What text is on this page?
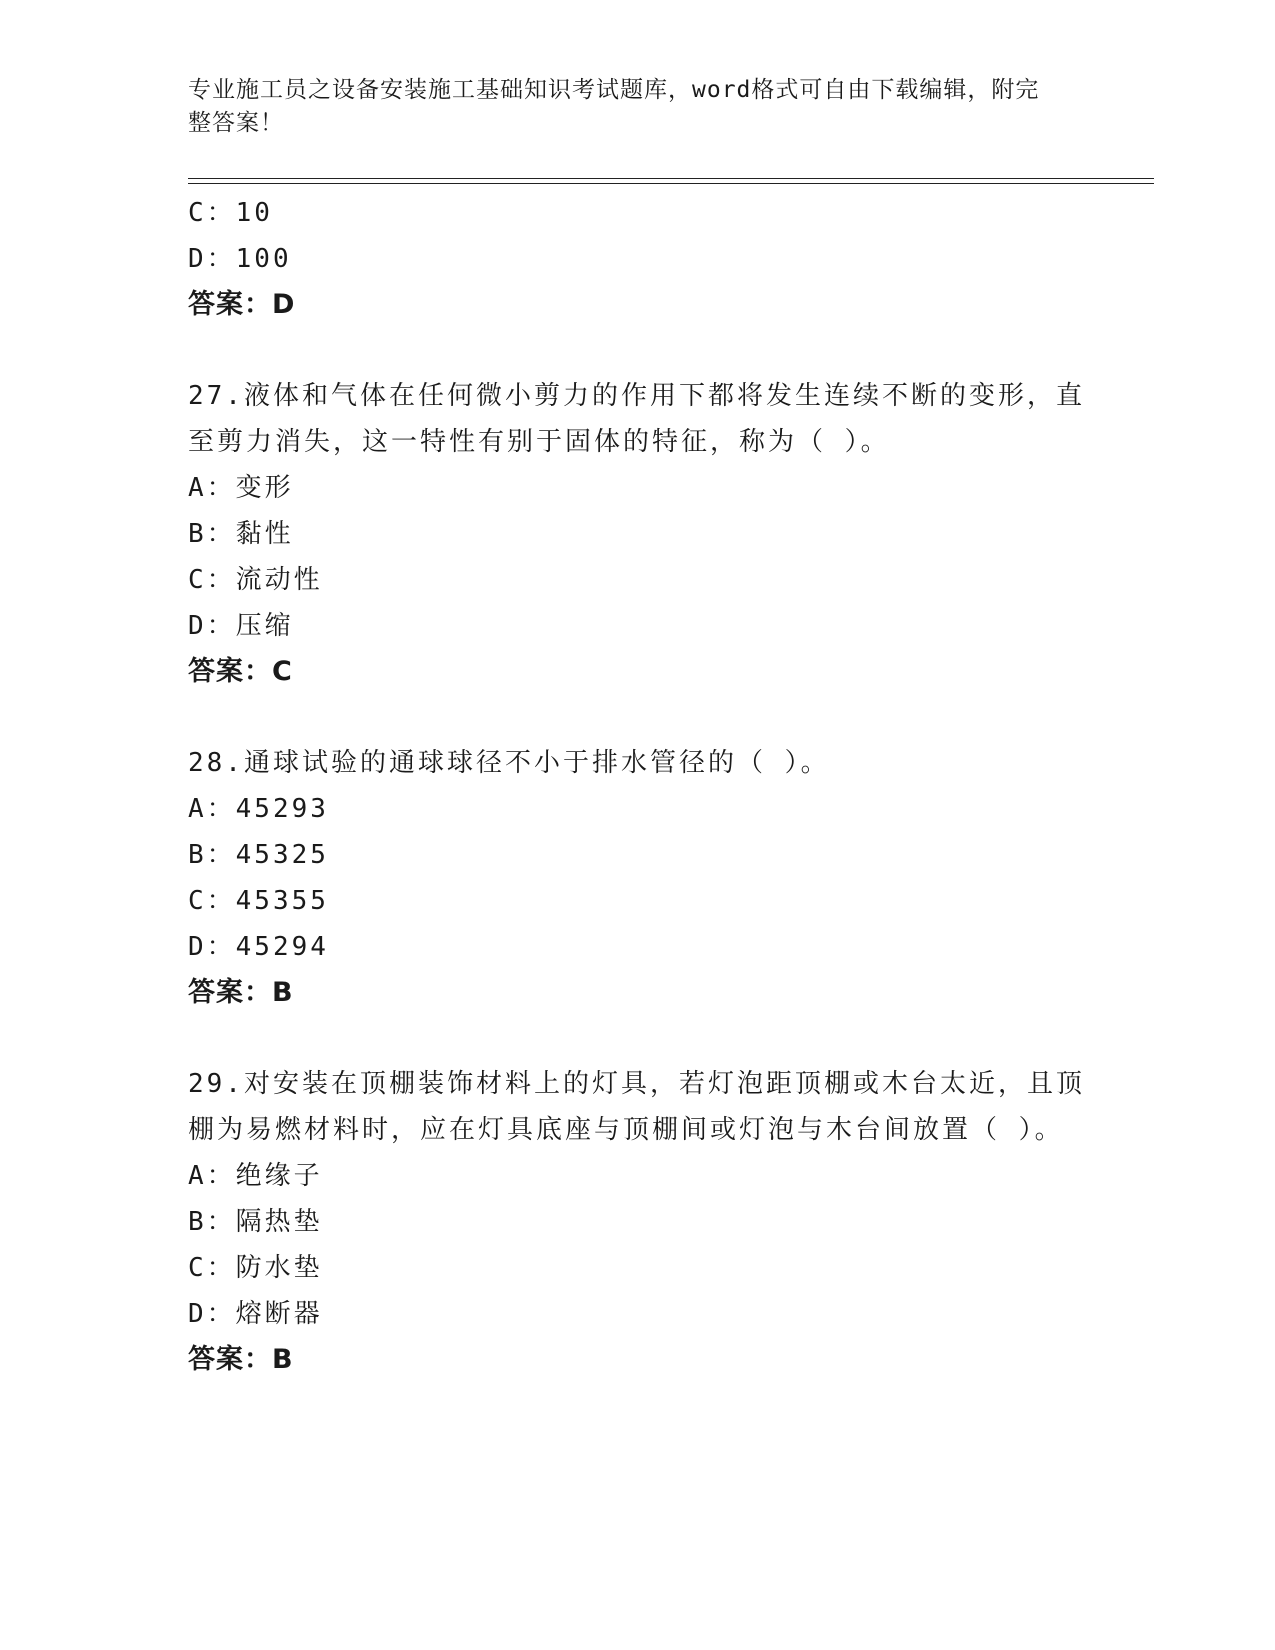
专业施工员之设备安装施工基础知识考试题库，word格式可自由下载编辑，附完
整答案！
C：10
D：100
答案：D
27.液体和气体在任何微小剪力的作用下都将发生连续不断的变形，直
至剪力消失，这一特性有别于固体的特征，称为（ ）。
A：变形
B：黏性
C：流动性
D：压缩
答案：C
28.通球试验的通球球径不小于排水管径的（ ）。
A：45293
B：45325
C：45355
D：45294
答案：B
29.对安装在顶棚装饰材料上的灯具，若灯泡距顶棚或木台太近，且顶
棚为易燃材料时，应在灯具底座与顶棚间或灯泡与木台间放置（ ）。
A：绝缘子
B：隔热垫
C：防水垫
D：熔断器
答案：B
